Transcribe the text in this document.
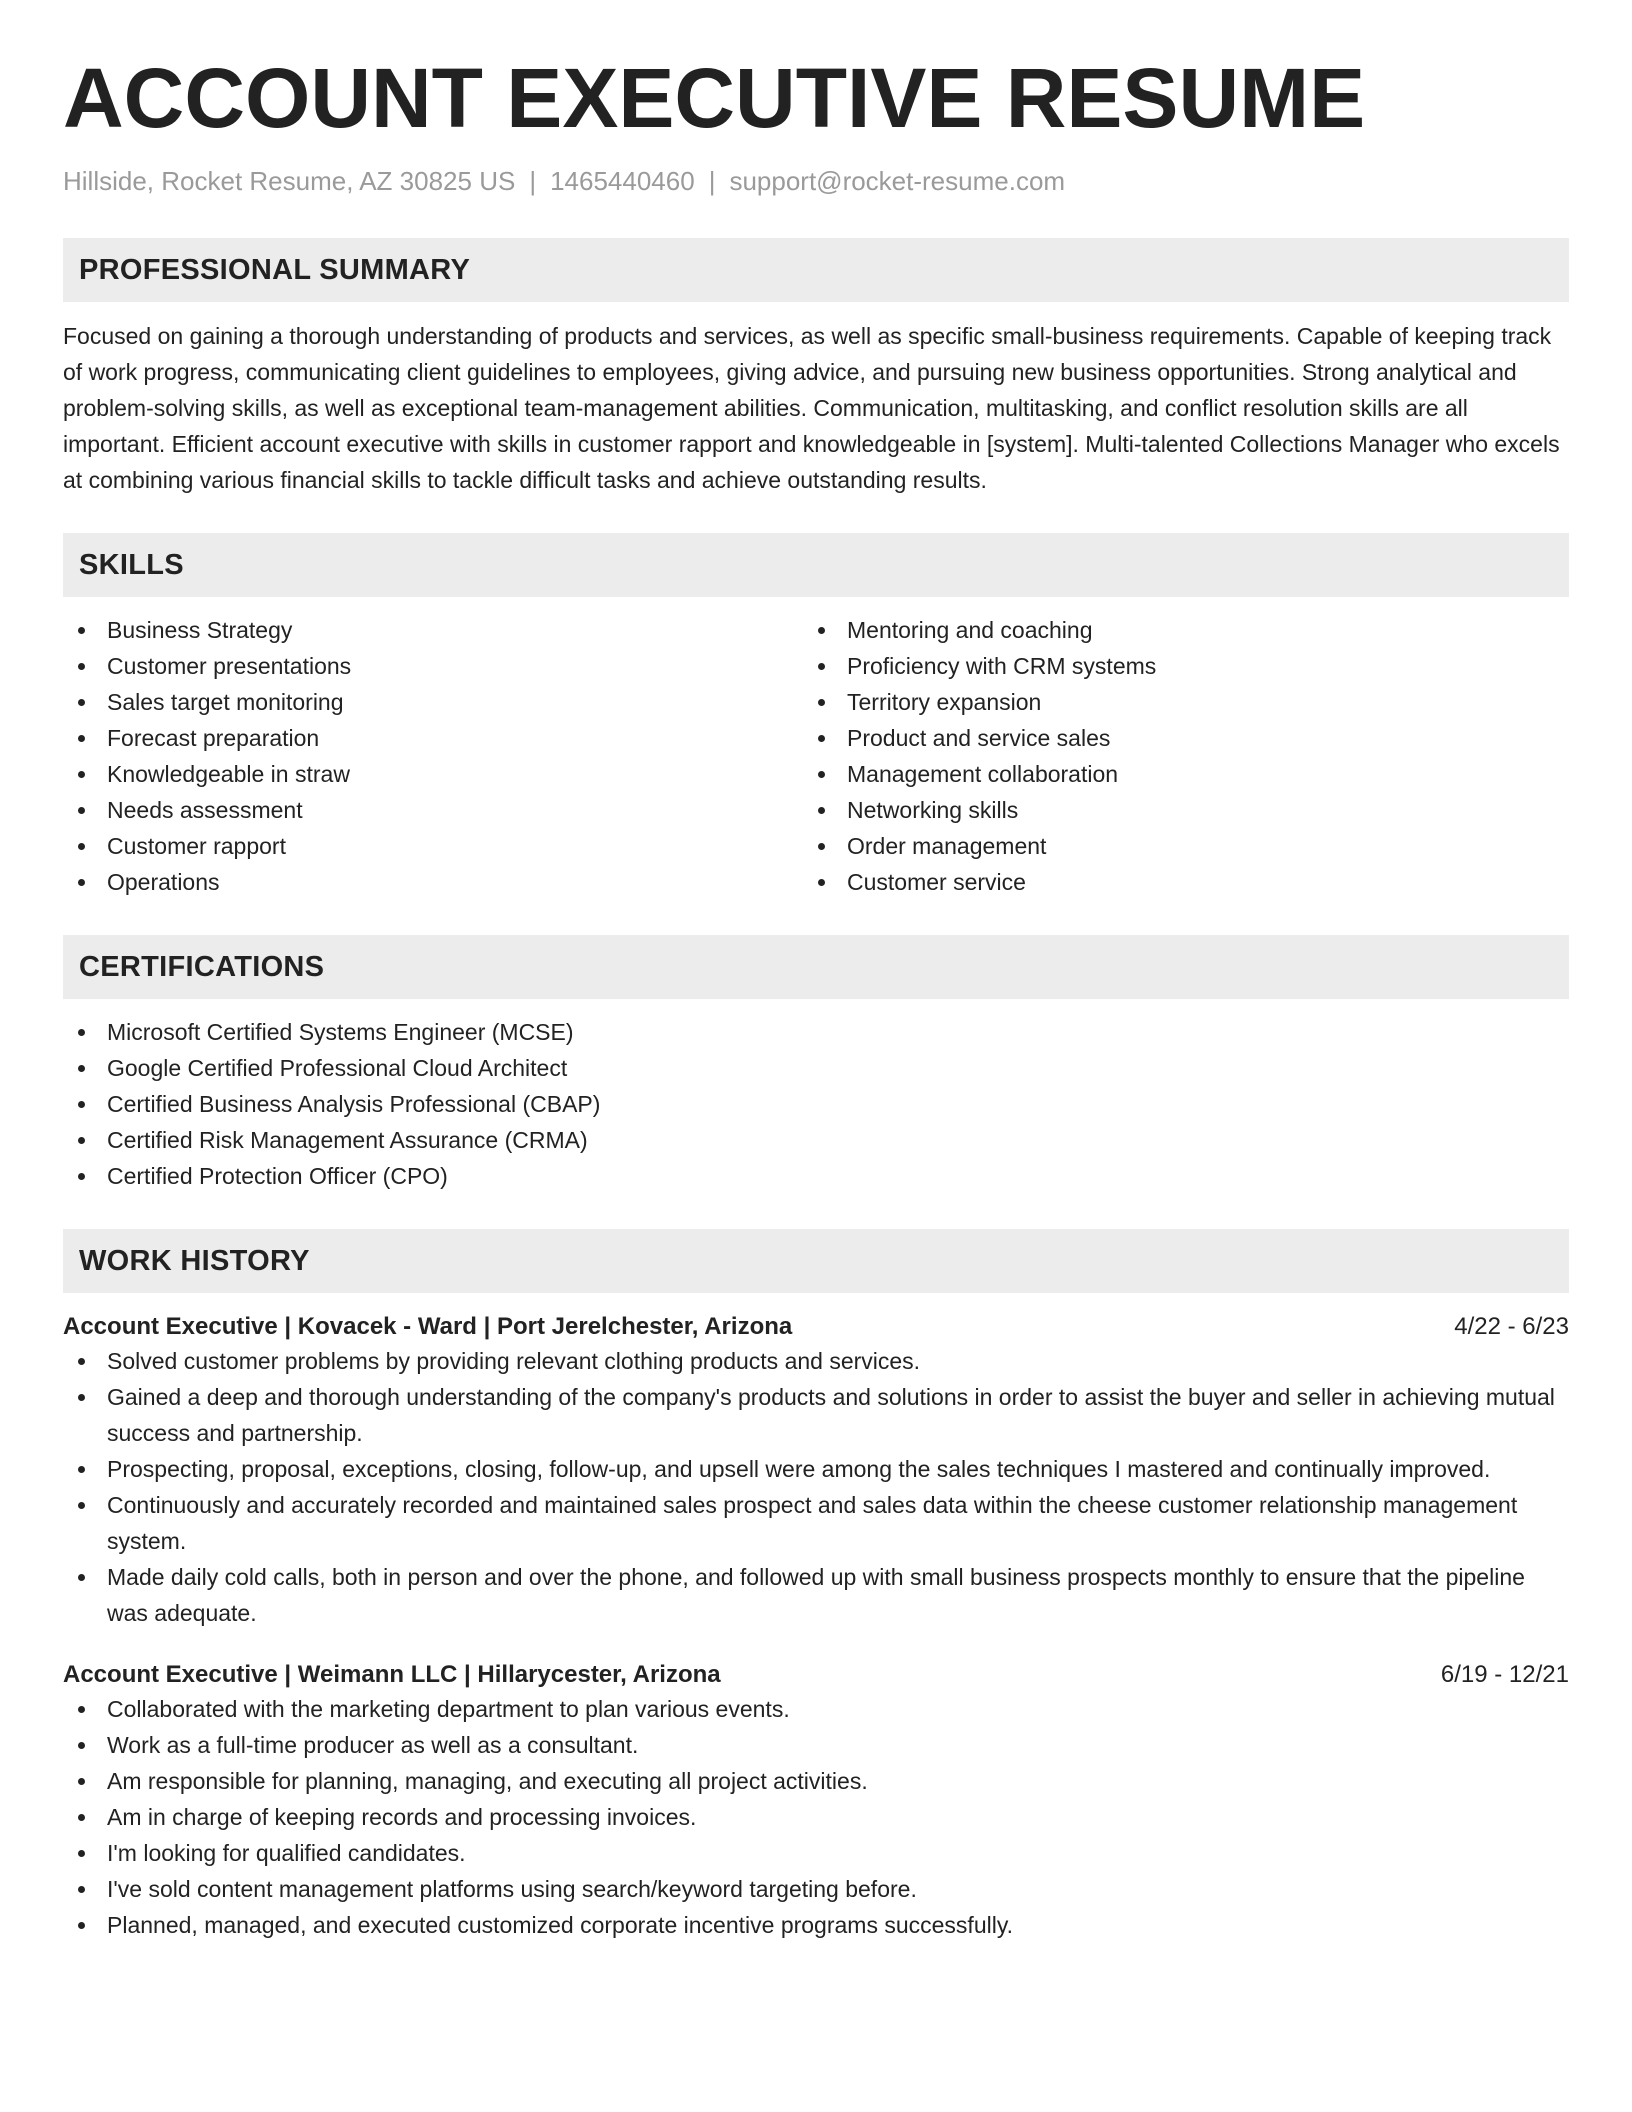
ACCOUNT EXECUTIVE RESUME
Hillside, Rocket Resume, AZ 30825 US | 1465440460 | support@rocket-resume.com
PROFESSIONAL SUMMARY
Focused on gaining a thorough understanding of products and services, as well as specific small-business requirements. Capable of keeping track of work progress, communicating client guidelines to employees, giving advice, and pursuing new business opportunities. Strong analytical and problem-solving skills, as well as exceptional team-management abilities. Communication, multitasking, and conflict resolution skills are all important. Efficient account executive with skills in customer rapport and knowledgeable in [system]. Multi-talented Collections Manager who excels at combining various financial skills to tackle difficult tasks and achieve outstanding results.
SKILLS
Business Strategy
Customer presentations
Sales target monitoring
Forecast preparation
Knowledgeable in straw
Needs assessment
Customer rapport
Operations
Mentoring and coaching
Proficiency with CRM systems
Territory expansion
Product and service sales
Management collaboration
Networking skills
Order management
Customer service
CERTIFICATIONS
Microsoft Certified Systems Engineer (MCSE)
Google Certified Professional Cloud Architect
Certified Business Analysis Professional (CBAP)
Certified Risk Management Assurance (CRMA)
Certified Protection Officer (CPO)
WORK HISTORY
Account Executive | Kovacek - Ward | Port Jerelchester, Arizona	4/22 - 6/23
Solved customer problems by providing relevant clothing products and services.
Gained a deep and thorough understanding of the company's products and solutions in order to assist the buyer and seller in achieving mutual success and partnership.
Prospecting, proposal, exceptions, closing, follow-up, and upsell were among the sales techniques I mastered and continually improved.
Continuously and accurately recorded and maintained sales prospect and sales data within the cheese customer relationship management system.
Made daily cold calls, both in person and over the phone, and followed up with small business prospects monthly to ensure that the pipeline was adequate.
Account Executive | Weimann LLC | Hillarycester, Arizona	6/19 - 12/21
Collaborated with the marketing department to plan various events.
Work as a full-time producer as well as a consultant.
Am responsible for planning, managing, and executing all project activities.
Am in charge of keeping records and processing invoices.
I'm looking for qualified candidates.
I've sold content management platforms using search/keyword targeting before.
Planned, managed, and executed customized corporate incentive programs successfully.
